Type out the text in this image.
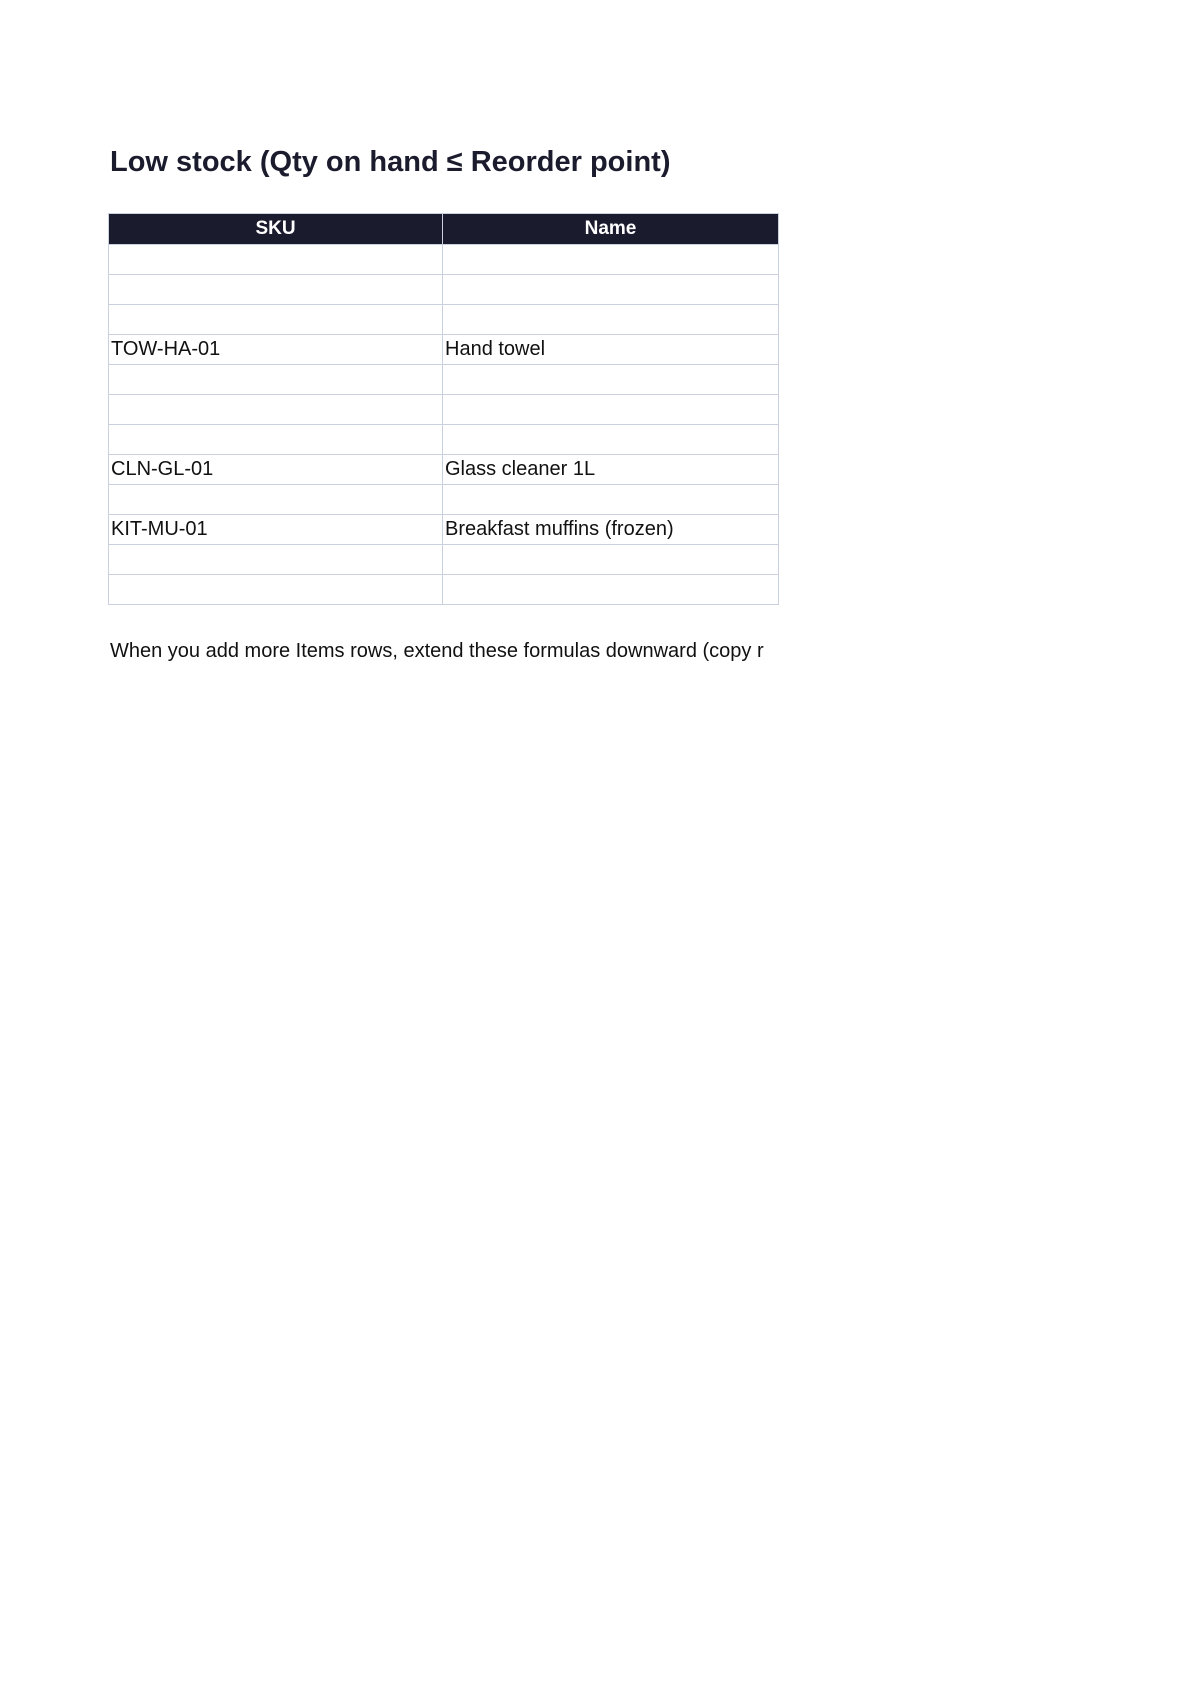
Low stock (Qty on hand ≤ Reorder point)
SKU	Name

TOW-HA-01	Hand towel

CLN-GL-01	Glass cleaner 1L

KIT-MU-01	Breakfast muffins (frozen)

When you add more Items rows, extend these formulas downward (copy r
